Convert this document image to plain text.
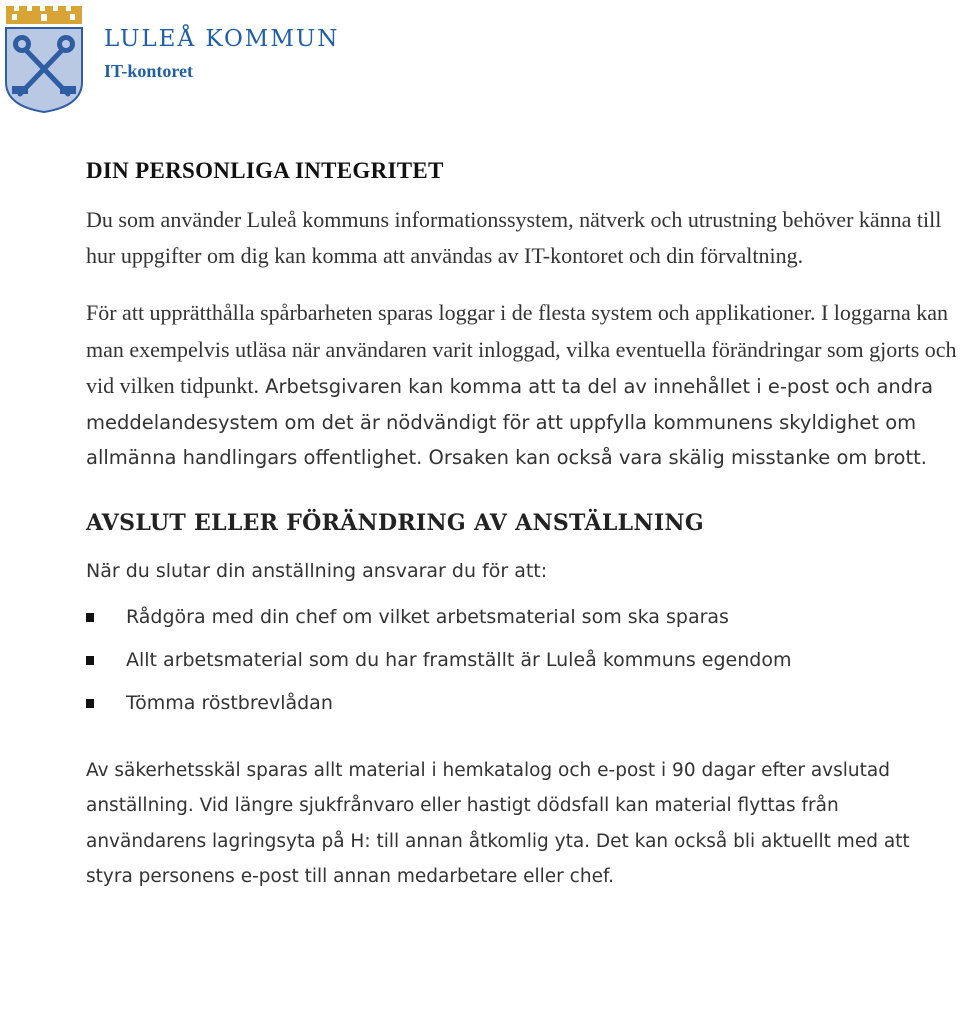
LULEÅ KOMMUN
IT-kontoret
DIN PERSONLIGA INTEGRITET

Du som använder Luleå kommuns informationssystem, nätverk och utrustning behöver känna till hur uppgifter om dig kan komma att användas av IT-kontoret och din förvaltning.

För att upprätthålla spårbarheten sparas loggar i de flesta system och applikationer. I loggarna kan man exempelvis utläsa när användaren varit inloggad, vilka eventuella förändringar som gjorts och vid vilken tidpunkt. Arbetsgivaren kan komma att ta del av innehållet i e-post och andra meddelandesystem om det är nödvändigt för att uppfylla kommunens skyldighet om allmänna handlingars offentlighet. Orsaken kan också vara skälig misstanke om brott.

AVSLUT ELLER FÖRÄNDRING AV ANSTÄLLNING

När du slutar din anställning ansvarar du för att:

Rådgöra med din chef om vilket arbetsmaterial som ska sparas
Allt arbetsmaterial som du har framställt är Luleå kommuns egendom
Tömma röstbrevlådan

Av säkerhetsskäl sparas allt material i hemkatalog och e-post i 90 dagar efter avslutad anställning. Vid längre sjukfrånvaro eller hastigt dödsfall kan material flyttas från användarens lagringsyta på H: till annan åtkomlig yta. Det kan också bli aktuellt med att styra personens e-post till annan medarbetare eller chef.
